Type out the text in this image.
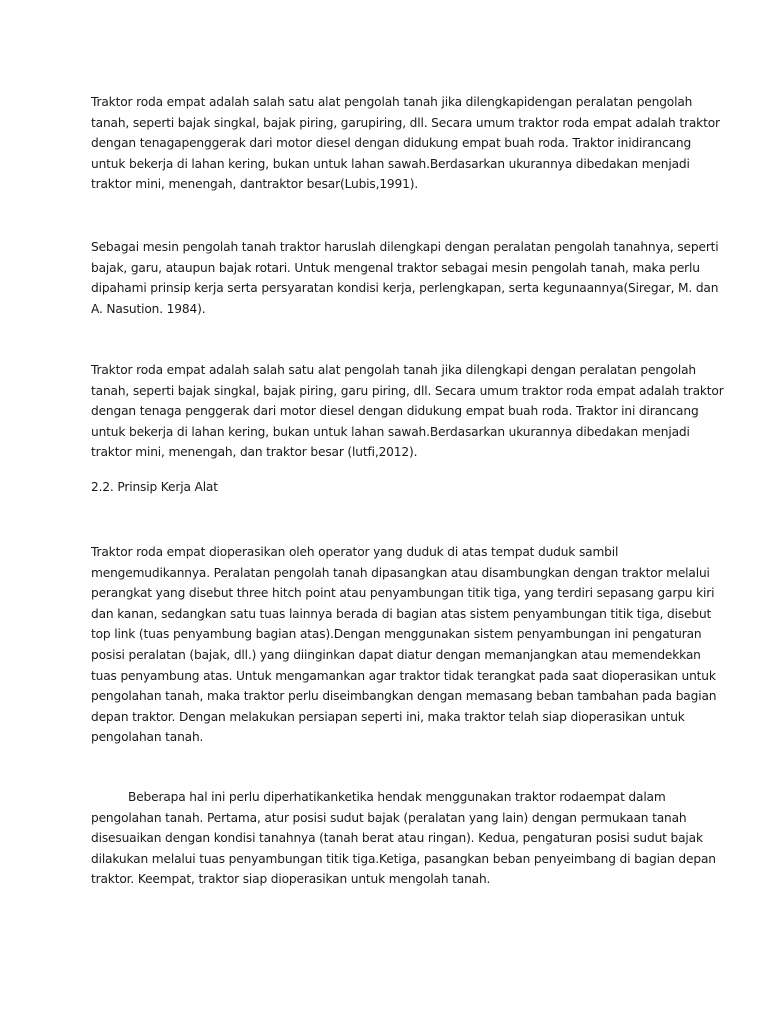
Traktor roda empat adalah salah satu alat pengolah tanah jika dilengkapidengan peralatan pengolah
tanah, seperti bajak singkal, bajak piring, garupiring, dll. Secara umum traktor roda empat adalah traktor
dengan tenagapenggerak dari motor diesel dengan didukung empat buah roda. Traktor inidirancang
untuk bekerja di lahan kering, bukan untuk lahan sawah.Berdasarkan ukurannya dibedakan menjadi
traktor mini, menengah, dantraktor besar(Lubis,1991).

Sebagai mesin pengolah tanah traktor haruslah dilengkapi dengan peralatan pengolah tanahnya, seperti
bajak, garu, ataupun bajak rotari. Untuk mengenal traktor sebagai mesin pengolah tanah, maka perlu
dipahami prinsip kerja serta persyaratan kondisi kerja, perlengkapan, serta kegunaannya(Siregar, M. dan
A. Nasution. 1984).

Traktor roda empat adalah salah satu alat pengolah tanah jika dilengkapi dengan peralatan pengolah
tanah, seperti bajak singkal, bajak piring, garu piring, dll. Secara umum traktor roda empat adalah traktor
dengan tenaga penggerak dari motor diesel dengan didukung empat buah roda. Traktor ini dirancang
untuk bekerja di lahan kering, bukan untuk lahan sawah.Berdasarkan ukurannya dibedakan menjadi
traktor mini, menengah, dan traktor besar (lutfi,2012).

2.2. Prinsip Kerja Alat

Traktor roda empat dioperasikan oleh operator yang duduk di atas tempat duduk sambil
mengemudikannya. Peralatan pengolah tanah dipasangkan atau disambungkan dengan traktor melalui
perangkat yang disebut three hitch point atau penyambungan titik tiga, yang terdiri sepasang garpu kiri
dan kanan, sedangkan satu tuas lainnya berada di bagian atas sistem penyambungan titik tiga, disebut
top link (tuas penyambung bagian atas).Dengan menggunakan sistem penyambungan ini pengaturan
posisi peralatan (bajak, dll.) yang diinginkan dapat diatur dengan memanjangkan atau memendekkan
tuas penyambung atas. Untuk mengamankan agar traktor tidak terangkat pada saat dioperasikan untuk
pengolahan tanah, maka traktor perlu diseimbangkan dengan memasang beban tambahan pada bagian
depan traktor. Dengan melakukan persiapan seperti ini, maka traktor telah siap dioperasikan untuk
pengolahan tanah.

Beberapa hal ini perlu diperhatikanketika hendak menggunakan traktor rodaempat dalam
pengolahan tanah. Pertama, atur posisi sudut bajak (peralatan yang lain) dengan permukaan tanah
disesuaikan dengan kondisi tanahnya (tanah berat atau ringan). Kedua, pengaturan posisi sudut bajak
dilakukan melalui tuas penyambungan titik tiga.Ketiga, pasangkan beban penyeimbang di bagian depan
traktor. Keempat, traktor siap dioperasikan untuk mengolah tanah.
